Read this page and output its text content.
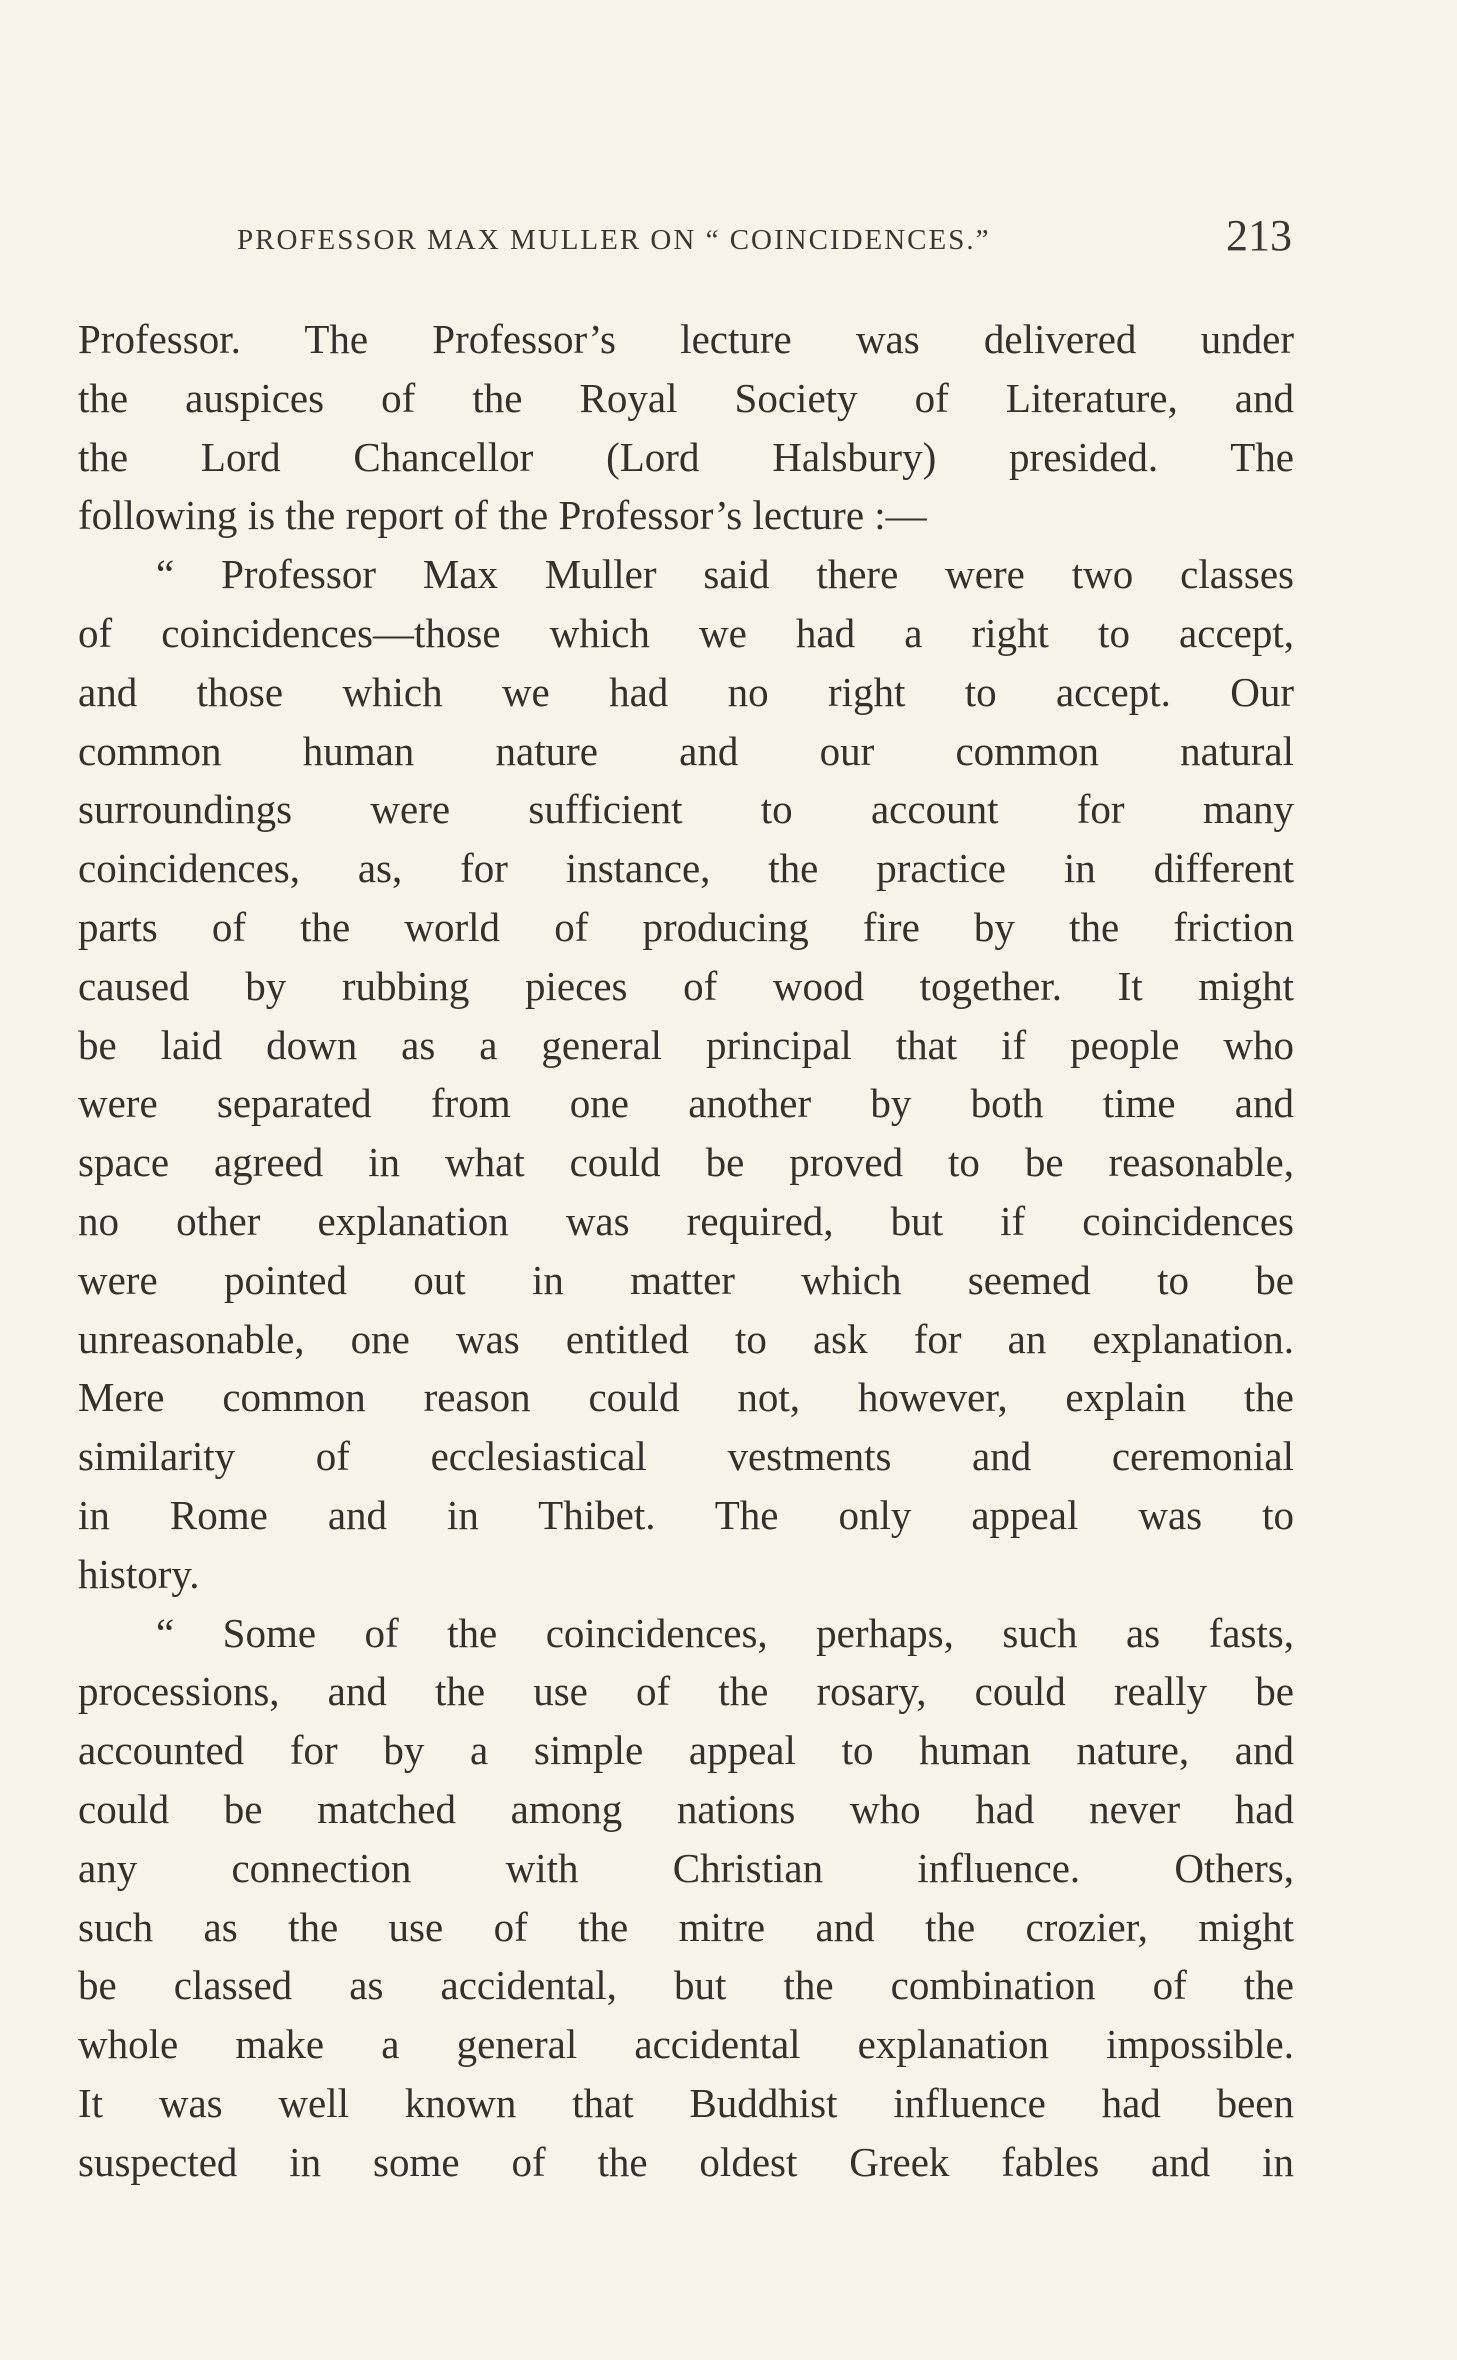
PROFESSOR MAX MULLER ON “ COINCIDENCES.”	213
Professor. The Professor’s lecture was delivered under
the auspices of the Royal Society of Literature, and
the Lord Chancellor (Lord Halsbury) presided. The
following is the report of the Professor’s lecture :—
“ Professor Max Muller said there were two classes
of coincidences—those which we had a right to accept,
and those which we had no right to accept. Our
common human nature and our common natural
surroundings were sufficient to account for many
coincidences, as, for instance, the practice in different
parts of the world of producing fire by the friction
caused by rubbing pieces of wood together. It might
be laid down as a general principal that if people who
were separated from one another by both time and
space agreed in what could be proved to be reasonable,
no other explanation was required, but if coincidences
were pointed out in matter which seemed to be
unreasonable, one was entitled to ask for an explanation.
Mere common reason could not, however, explain the
similarity of ecclesiastical vestments and ceremonial
in Rome and in Thibet. The only appeal was to
history.
“ Some of the coincidences, perhaps, such as fasts,
processions, and the use of the rosary, could really be
accounted for by a simple appeal to human nature, and
could be matched among nations who had never had
any connection with Christian influence. Others,
such as the use of the mitre and the crozier, might
be classed as accidental, but the combination of the
whole make a general accidental explanation impossible.
It was well known that Buddhist influence had been
suspected in some of the oldest Greek fables and in
